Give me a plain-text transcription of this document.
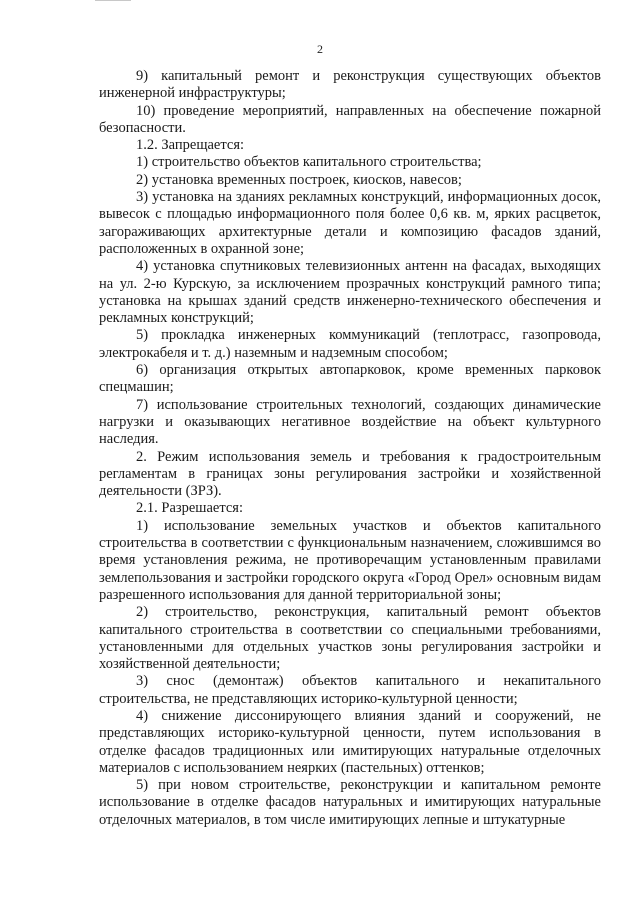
2

9) капитальный ремонт и реконструкция существующих объектов инженерной инфраструктуры;

10) проведение мероприятий, направленных на обеспечение пожарной безопасности.

1.2. Запрещается:

1) строительство объектов капитального строительства;

2) установка временных построек, киосков, навесов;

3) установка на зданиях рекламных конструкций, информационных досок, вывесок с площадью информационного поля более 0,6 кв. м, ярких расцветок, загораживающих архитектурные детали и композицию фасадов зданий, расположенных в охранной зоне;

4) установка спутниковых телевизионных антенн на фасадах, выходящих на ул. 2-ю Курскую, за исключением прозрачных конструкций рамного типа; установка на крышах зданий средств инженерно-технического обеспечения и рекламных конструкций;

5) прокладка инженерных коммуникаций (теплотрасс, газопровода, электрокабеля и т. д.) наземным и надземным способом;

6) организация открытых автопарковок, кроме временных парковок спецмашин;

7) использование строительных технологий, создающих динамические нагрузки и оказывающих негативное воздействие на объект культурного наследия.

2. Режим использования земель и требования к градостроительным регламентам в границах зоны регулирования застройки и хозяйственной деятельности (ЗРЗ).

2.1. Разрешается:

1) использование земельных участков и объектов капитального строительства в соответствии с функциональным назначением, сложившимся во время установления режима, не противоречащим установленным правилами землепользования и застройки городского округа «Город Орел» основным видам разрешенного использования для данной территориальной зоны;

2) строительство, реконструкция, капитальный ремонт объектов капитального строительства в соответствии со специальными требованиями, установленными для отдельных участков зоны регулирования застройки и хозяйственной деятельности;

3) снос (демонтаж) объектов капитального и некапитального строительства, не представляющих историко-культурной ценности;

4) снижение диссонирующего влияния зданий и сооружений, не представляющих историко-культурной ценности, путем использования в отделке фасадов традиционных или имитирующих натуральные отделочных материалов с использованием неярких (пастельных) оттенков;

5) при новом строительстве, реконструкции и капитальном ремонте использование в отделке фасадов натуральных и имитирующих натуральные отделочных материалов, в том числе имитирующих лепные и штукатурные
